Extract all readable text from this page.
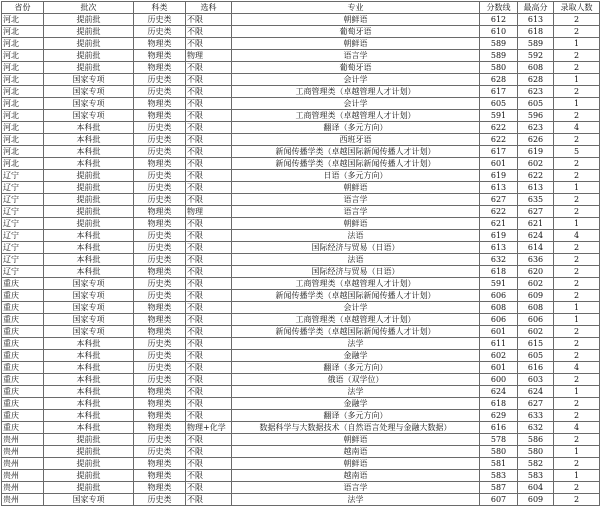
省份	批次	科类	选科	专业	分数线	最高分	录取人数
河北	提前批	历史类	不限	朝鲜语	612	613	2
河北	提前批	历史类	不限	葡萄牙语	610	618	2
河北	提前批	物理类	不限	朝鲜语	589	589	1
河北	提前批	物理类	物理	语言学	589	592	2
河北	提前批	物理类	不限	葡萄牙语	580	608	2
河北	国家专项	历史类	不限	会计学	628	628	1
河北	国家专项	历史类	不限	工商管理类（卓越管理人才计划）	617	623	2
河北	国家专项	物理类	不限	会计学	605	605	1
河北	国家专项	物理类	不限	工商管理类（卓越管理人才计划）	591	596	2
河北	本科批	历史类	不限	翻译（多元方向）	622	623	4
河北	本科批	历史类	不限	西班牙语	622	626	2
河北	本科批	历史类	不限	新闻传播学类（卓越国际新闻传播人才计划）	617	619	5
河北	本科批	物理类	不限	新闻传播学类（卓越国际新闻传播人才计划）	601	602	2
辽宁	提前批	历史类	不限	日语（多元方向）	619	622	2
辽宁	提前批	历史类	不限	朝鲜语	613	613	1
辽宁	提前批	历史类	不限	语言学	627	635	2
辽宁	提前批	物理类	物理	语言学	622	627	2
辽宁	提前批	物理类	不限	朝鲜语	621	621	1
辽宁	本科批	历史类	不限	法语	619	624	4
辽宁	本科批	历史类	不限	国际经济与贸易（日语）	613	614	2
辽宁	本科批	历史类	不限	法语	632	636	2
辽宁	本科批	物理类	不限	国际经济与贸易（日语）	618	620	2
重庆	国家专项	历史类	不限	工商管理类（卓越管理人才计划）	591	602	2
重庆	国家专项	历史类	不限	新闻传播学类（卓越国际新闻传播人才计划）	606	609	2
重庆	国家专项	物理类	不限	会计学	608	608	1
重庆	国家专项	物理类	不限	工商管理类（卓越管理人才计划）	606	606	1
重庆	国家专项	物理类	不限	新闻传播学类（卓越国际新闻传播人才计划）	601	602	2
重庆	本科批	历史类	不限	法学	611	615	2
重庆	本科批	历史类	不限	金融学	602	605	2
重庆	本科批	历史类	不限	翻译（多元方向）	601	616	4
重庆	本科批	历史类	不限	俄语（双学位）	600	603	2
重庆	本科批	物理类	不限	法学	624	624	1
重庆	本科批	物理类	不限	金融学	618	627	2
重庆	本科批	物理类	不限	翻译（多元方向）	629	633	2
重庆	本科批	物理类	物理+化学	数据科学与大数据技术（自然语言处理与金融大数据）	616	632	4
贵州	提前批	历史类	不限	朝鲜语	578	586	2
贵州	提前批	历史类	不限	越南语	580	580	1
贵州	提前批	物理类	不限	朝鲜语	581	582	2
贵州	提前批	物理类	不限	越南语	583	583	1
贵州	提前批	物理类	不限	语言学	587	604	2
贵州	国家专项	历史类	不限	法学	607	609	2
